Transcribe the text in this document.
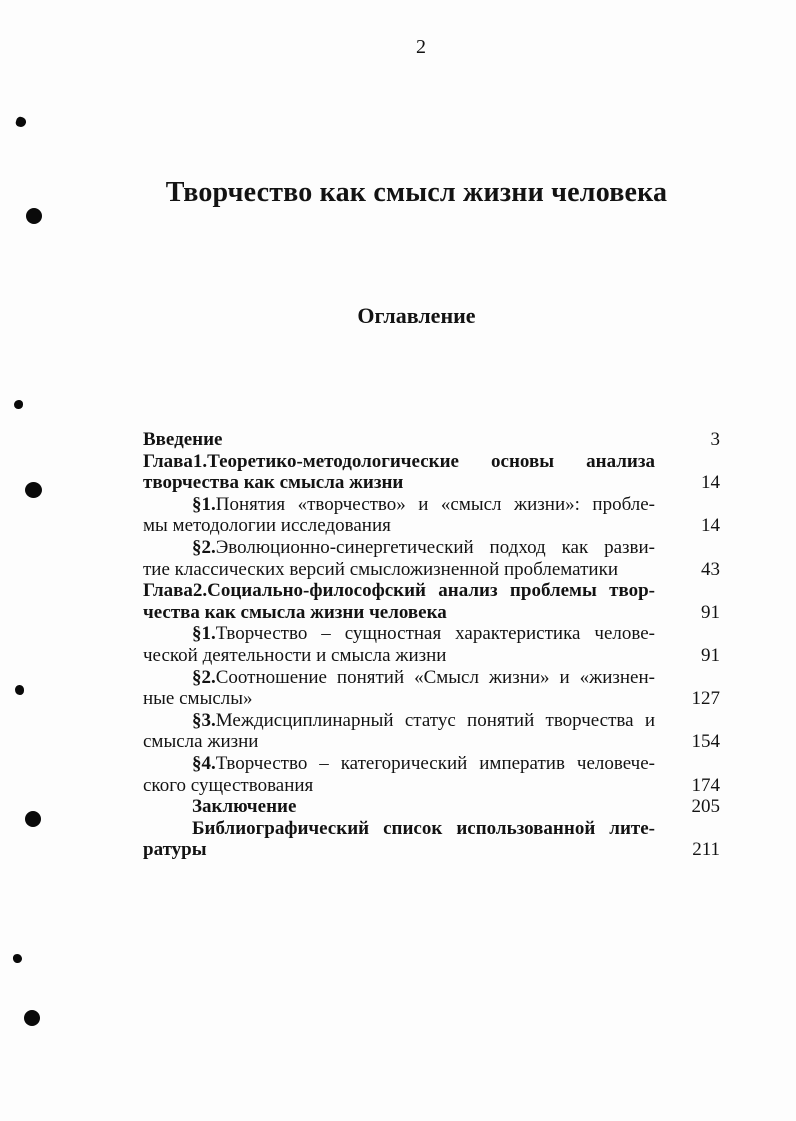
2
Творчество как смысл жизни человека
Оглавление
Введение	3
Глава1.Теоретико-методологические основы анализа
творчества как смысла жизни	14
§1.Понятия «творчество» и «смысл жизни»: пробле-
мы методологии исследования	14
§2.Эволюционно-синергетический подход как разви-
тие классических версий смысложизненной проблематики	43
Глава2.Социально-философский анализ проблемы твор-
чества как смысла жизни человека	91
§1.Творчество – сущностная характеристика челове-
ческой деятельности и смысла жизни	91
§2.Соотношение понятий «Смысл жизни» и «жизнен-
ные смыслы»	127
§3.Междисциплинарный статус понятий творчества и
смысла жизни	154
§4.Творчество – категорический императив человече-
ского существования	174
Заключение	205
Библиографический список использованной лите-
ратуры	211
